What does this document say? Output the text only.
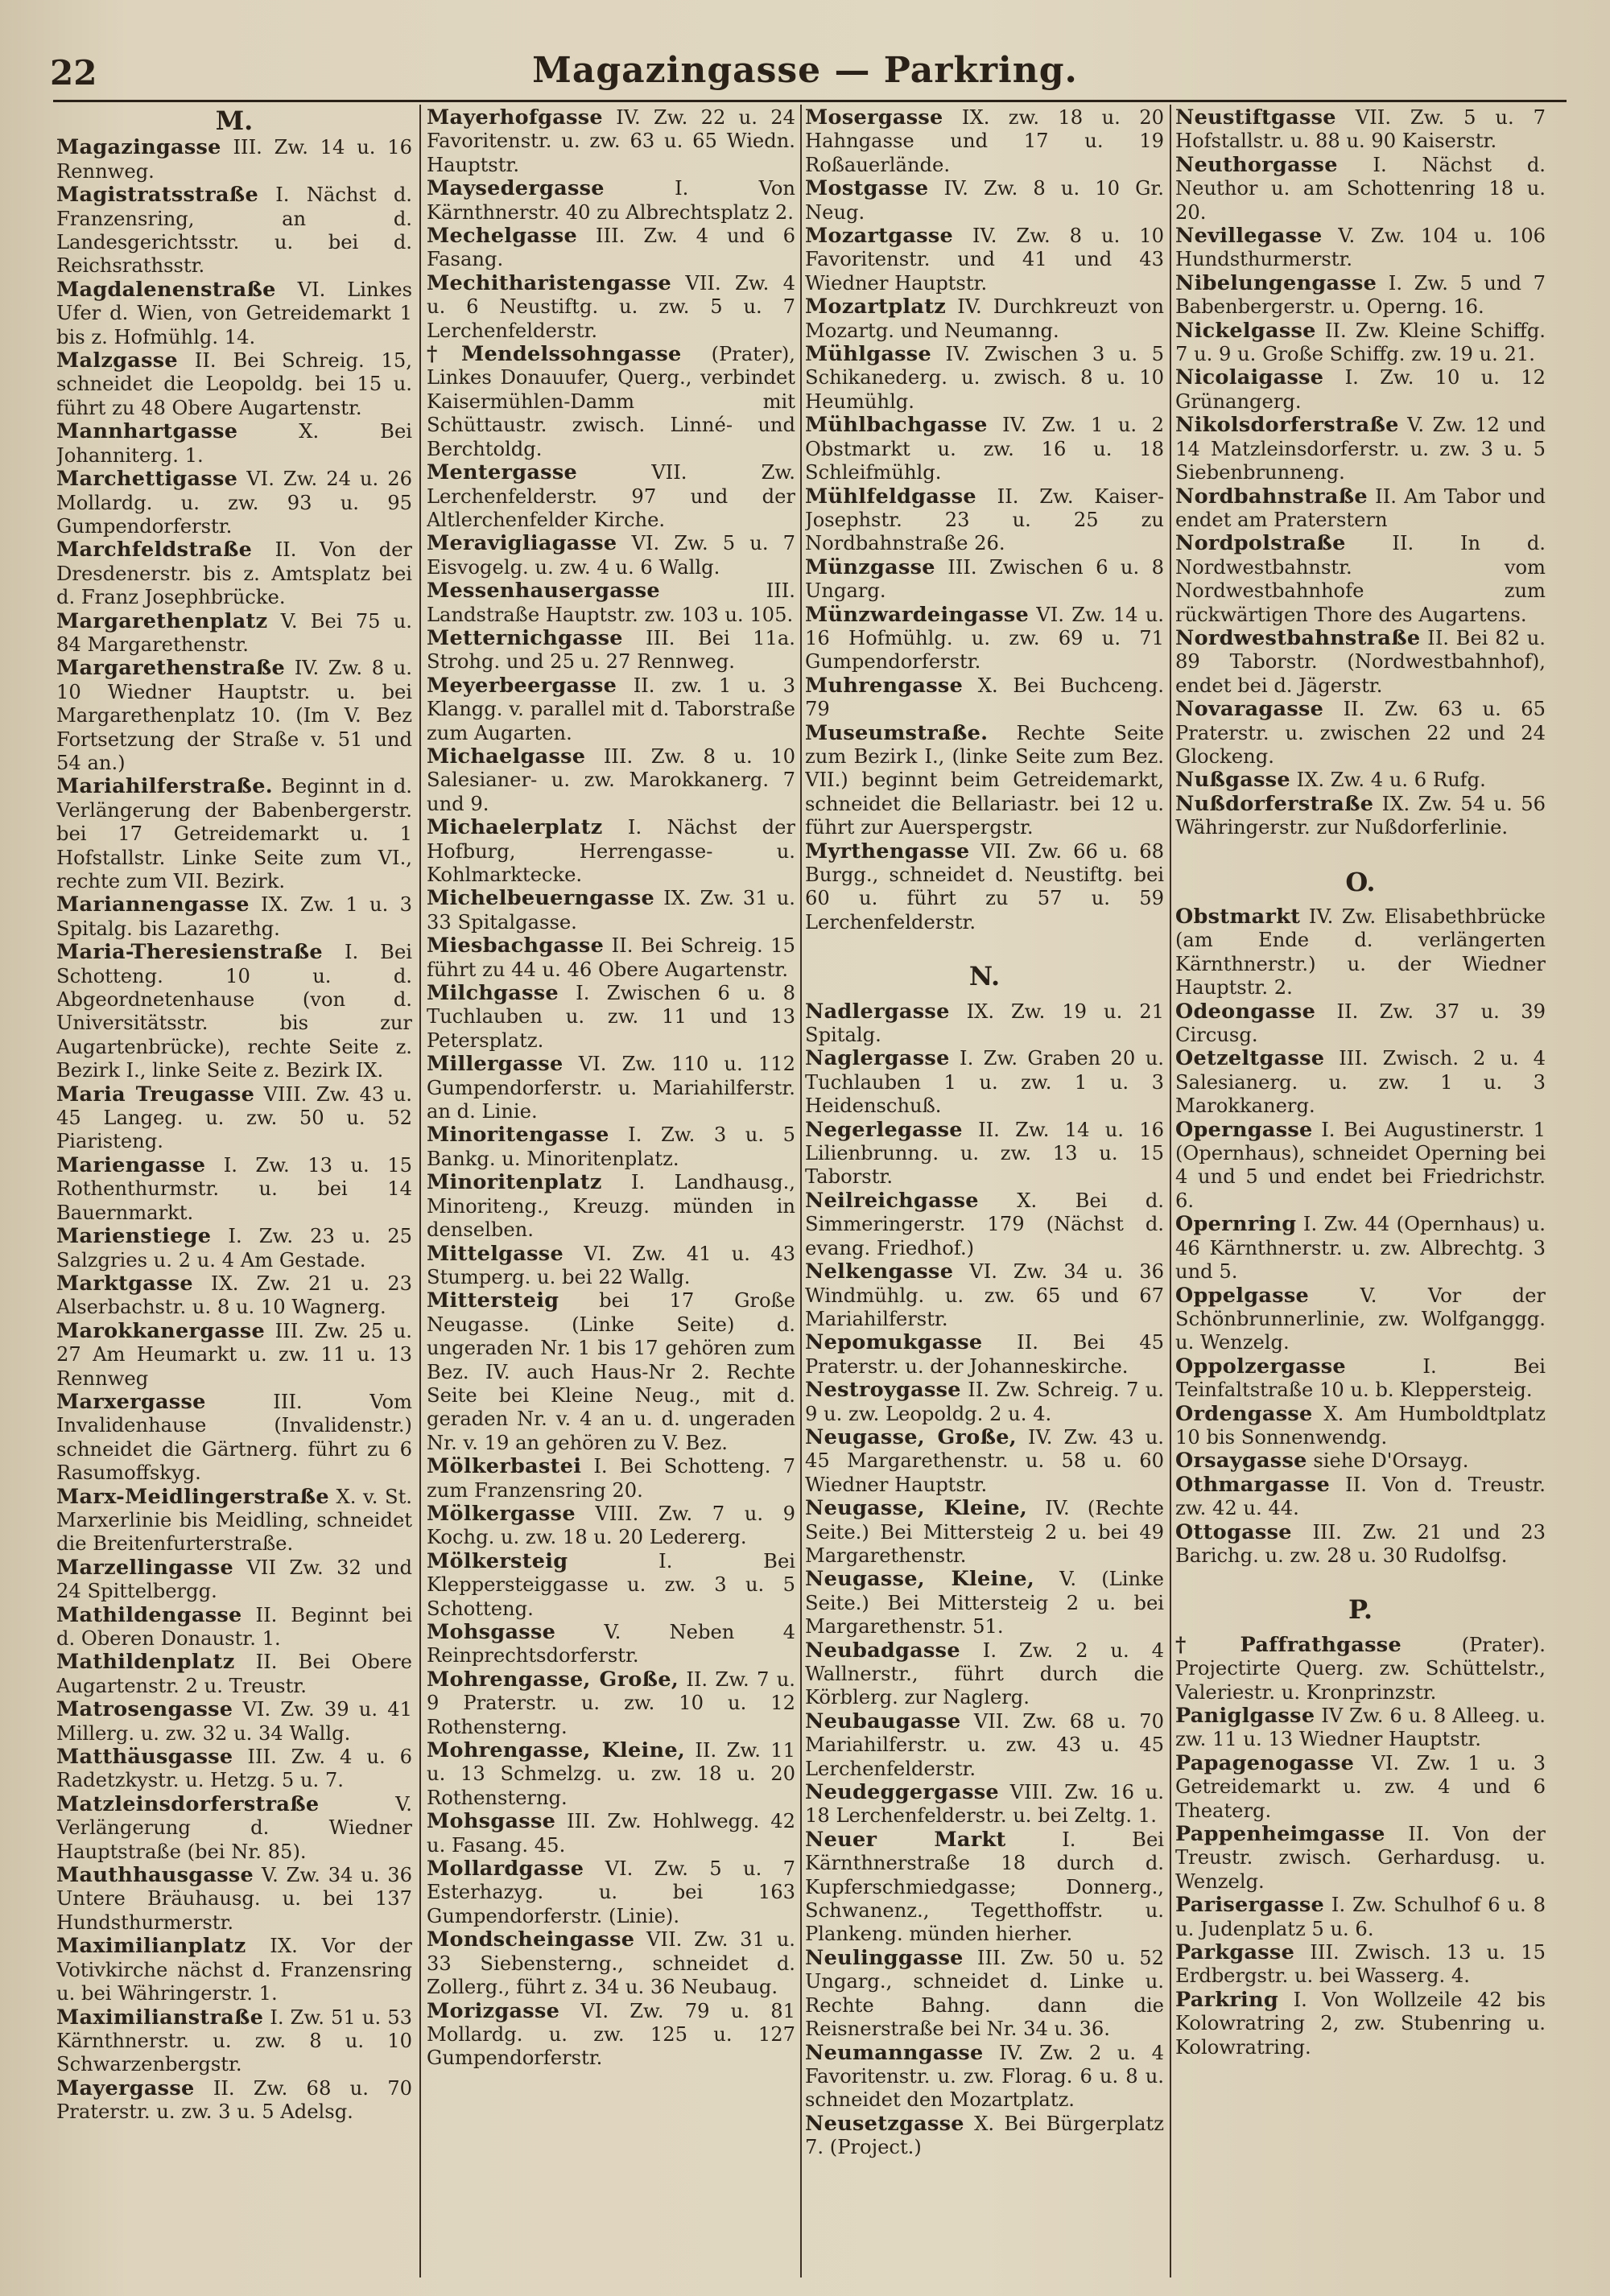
22	Magazingasse — Parkring.
M.

Magazingasse III. Zw. 14 u. 16 Rennweg.

Magistratsstraße I. Nächst d. Franzensring, an d. Landesgerichtsstr. u. bei d. Reichsrathsstr.

Magdalenenstraße VI. Linkes Ufer d. Wien, von Getreidemarkt 1 bis z. Hofmühlg. 14.

Malzgasse II. Bei Schreig. 15, schneidet die Leopoldg. bei 15 u. führt zu 48 Obere Augartenstr.

Mannhartgasse X. Bei Johanniterg. 1.

Marchettigasse VI. Zw. 24 u. 26 Mollardg. u. zw. 93 u. 95 Gumpendorferstr.

Marchfeldstraße II. Von der Dresdenerstr. bis z. Amtsplatz bei d. Franz Josephbrücke.

Margarethenplatz V. Bei 75 u. 84 Margarethenstr.

Margarethenstraße IV. Zw. 8 u. 10 Wiedner Hauptstr. u. bei Margarethenplatz 10. (Im V. Bez Fortsetzung der Straße v. 51 und 54 an.)

Mariahilferstraße. Beginnt in d. Verlängerung der Babenbergerstr. bei 17 Getreidemarkt u. 1 Hofstallstr. Linke Seite zum VI., rechte zum VII. Bezirk.

Mariannengasse IX. Zw. 1 u. 3 Spitalg. bis Lazarethg.

Maria-Theresienstraße I. Bei Schotteng. 10 u. d. Abgeordnetenhause (von d. Universitätsstr. bis zur Augartenbrücke), rechte Seite z. Bezirk I., linke Seite z. Bezirk IX.

Maria Treugasse VIII. Zw. 43 u. 45 Langeg. u. zw. 50 u. 52 Piaristeng.

Mariengasse I. Zw. 13 u. 15 Rothenthurmstr. u. bei 14 Bauernmarkt.

Marienstiege I. Zw. 23 u. 25 Salzgries u. 2 u. 4 Am Gestade.

Marktgasse IX. Zw. 21 u. 23 Alserbachstr. u. 8 u. 10 Wagnerg.

Marokkanergasse III. Zw. 25 u. 27 Am Heumarkt u. zw. 11 u. 13 Rennweg

Marxergasse III. Vom Invalidenhause (Invalidenstr.) schneidet die Gärtnerg. führt zu 6 Rasumoffskyg.

Marx-Meidlingerstraße X. v. St. Marxerlinie bis Meidling, schneidet die Breitenfurterstraße.

Marzellingasse VII Zw. 32 und 24 Spittelbergg.

Mathildengasse II. Beginnt bei d. Oberen Donaustr. 1.

Mathildenplatz II. Bei Obere Augartenstr. 2 u. Treustr.

Matrosengasse VI. Zw. 39 u. 41 Millerg. u. zw. 32 u. 34 Wallg.

Matthäusgasse III. Zw. 4 u. 6 Radetzkystr. u. Hetzg. 5 u. 7.

Matzleinsdorferstraße V. Verlängerung d. Wiedner Hauptstraße (bei Nr. 85).

Mauthhausgasse V. Zw. 34 u. 36 Untere Bräuhausg. u. bei 137 Hundsthurmerstr.

Maximilianplatz IX. Vor der Votivkirche nächst d. Franzensring u. bei Währingerstr. 1.

Maximilianstraße I. Zw. 51 u. 53 Kärnthnerstr. u. zw. 8 u. 10 Schwarzenbergstr.

Mayergasse II. Zw. 68 u. 70 Praterstr. u. zw. 3 u. 5 Adelsg.

Mayerhofgasse IV. Zw. 22 u. 24 Favoritenstr. u. zw. 63 u. 65 Wiedn. Hauptstr.

Maysedergasse I. Von Kärnthnerstr. 40 zu Albrechtsplatz 2.

Mechelgasse III. Zw. 4 und 6 Fasang.

Mechitharistengasse VII. Zw. 4 u. 6 Neustiftg. u. zw. 5 u. 7 Lerchenfelderstr.

†Mendelssohngasse (Prater), Linkes Donauufer, Querg., verbindet Kaisermühlen-Damm mit Schüttaustr. zwisch. Linné- und Berchtoldg.

Mentergasse VII. Zw. Lerchenfelderstr. 97 und der Altlerchenfelder Kirche.

Meravigliagasse VI. Zw. 5 u. 7 Eisvogelg. u. zw. 4 u. 6 Wallg.

Messenhausergasse III. Landstraße Hauptstr. zw. 103 u. 105.

Metternichgasse III. Bei 11a. Strohg. und 25 u. 27 Rennweg.

Meyerbeergasse II. zw. 1 u. 3 Klangg. v. parallel mit d. Taborstraße zum Augarten.

Michaelgasse III. Zw. 8 u. 10 Salesianer- u. zw. Marokkanerg. 7 und 9.

Michaelerplatz I. Nächst der Hofburg, Herrengasse- u. Kohlmarktecke.

Michelbeuerngasse IX. Zw. 31 u. 33 Spitalgasse.

Miesbachgasse II. Bei Schreig. 15 führt zu 44 u. 46 Obere Augartenstr.

Milchgasse I. Zwischen 6 u. 8 Tuchlauben u. zw. 11 und 13 Petersplatz.

Millergasse VI. Zw. 110 u. 112 Gumpendorferstr. u. Mariahilferstr. an d. Linie.

Minoritengasse I. Zw. 3 u. 5 Bankg. u. Minoritenplatz.

Minoritenplatz I. Landhausg., Minoriteng., Kreuzg. münden in denselben.

Mittelgasse VI. Zw. 41 u. 43 Stumperg. u. bei 22 Wallg.

Mittersteig bei 17 Große Neugasse. (Linke Seite) d. ungeraden Nr. 1 bis 17 gehören zum Bez. IV. auch Haus-Nr 2. Rechte Seite bei Kleine Neug., mit d. geraden Nr. v. 4 an u. d. ungeraden Nr. v. 19 an gehören zu V. Bez.

Mölkerbastei I. Bei Schotteng. 7 zum Franzensring 20.

Mölkergasse VIII. Zw. 7 u. 9 Kochg. u. zw. 18 u. 20 Ledererg.

Mölkersteig I. Bei Kleppersteiggasse u. zw. 3 u. 5 Schotteng.

Mohsgasse V. Neben 4 Reinprechtsdorferstr.

Mohrengasse, Große, II. Zw. 7 u. 9 Praterstr. u. zw. 10 u. 12 Rothensterng.

Mohrengasse, Kleine, II. Zw. 11 u. 13 Schmelzg. u. zw. 18 u. 20 Rothensterng.

Mohsgasse III. Zw. Hohlwegg. 42 u. Fasang. 45.

Mollardgasse VI. Zw. 5 u. 7 Esterhazyg. u. bei 163 Gumpendorferstr. (Linie).

Mondscheingasse VII. Zw. 31 u. 33 Siebensterng., schneidet d. Zollerg., führt z. 34 u. 36 Neubaug.

Morizgasse VI. Zw. 79 u. 81 Mollardg. u. zw. 125 u. 127 Gumpendorferstr.

Mosergasse IX. zw. 18 u. 20 Hahngasse und 17 u. 19 Roßauerlände.

Mostgasse IV. Zw. 8 u. 10 Gr. Neug.

Mozartgasse IV. Zw. 8 u. 10 Favoritenstr. und 41 und 43 Wiedner Hauptstr.

Mozartplatz IV. Durchkreuzt von Mozartg. und Neumanng.

Mühlgasse IV. Zwischen 3 u. 5 Schikanederg. u. zwisch. 8 u. 10 Heumühlg.

Mühlbachgasse IV. Zw. 1 u. 2 Obstmarkt u. zw. 16 u. 18 Schleifmühlg.

Mühlfeldgasse II. Zw. Kaiser-Josephstr. 23 u. 25 zu Nordbahnstraße 26.

Münzgasse III. Zwischen 6 u. 8 Ungarg.

Münzwardeingasse VI. Zw. 14 u. 16 Hofmühlg. u. zw. 69 u. 71 Gumpendorferstr.

Muhrengasse X. Bei Buchceng. 79

Museumstraße. Rechte Seite zum Bezirk I., (linke Seite zum Bez. VII.) beginnt beim Getreidemarkt, schneidet die Bellariastr. bei 12 u. führt zur Auerspergstr.

Myrthengasse VII. Zw. 66 u. 68 Burgg., schneidet d. Neustiftg. bei 60 u. führt zu 57 u. 59 Lerchenfelderstr.

N.

Nadlergasse IX. Zw. 19 u. 21 Spitalg.

Naglergasse I. Zw. Graben 20 u. Tuchlauben 1 u. zw. 1 u. 3 Heidenschuß.

Negerlegasse II. Zw. 14 u. 16 Lilienbrunng. u. zw. 13 u. 15 Taborstr.

Neilreichgasse X. Bei d. Simmeringerstr. 179 (Nächst d. evang. Friedhof.)

Nelkengasse VI. Zw. 34 u. 36 Windmühlg. u. zw. 65 und 67 Mariahilferstr.

Nepomukgasse II. Bei 45 Praterstr. u. der Johanneskirche.

Nestroygasse II. Zw. Schreig. 7 u. 9 u. zw. Leopoldg. 2 u. 4.

Neugasse, Große, IV. Zw. 43 u. 45 Margarethenstr. u. 58 u. 60 Wiedner Hauptstr.

Neugasse, Kleine, IV. (Rechte Seite.) Bei Mittersteig 2 u. bei 49 Margarethenstr.

Neugasse, Kleine, V. (Linke Seite.) Bei Mittersteig 2 u. bei Margarethenstr. 51.

Neubadgasse I. Zw. 2 u. 4 Wallnerstr., führt durch die Körblerg. zur Naglerg.

Neubaugasse VII. Zw. 68 u. 70 Mariahilferstr. u. zw. 43 u. 45 Lerchenfelderstr.

Neudeggergasse VIII. Zw. 16 u. 18 Lerchenfelderstr. u. bei Zeltg. 1.

Neuer Markt I. Bei Kärnthnerstraße 18 durch d. Kupferschmiedgasse; Donnerg., Schwanenz., Tegetthoffstr. u. Plankeng. münden hierher.

Neulinggasse III. Zw. 50 u. 52 Ungarg., schneidet d. Linke u. Rechte Bahng. dann die Reisnerstraße bei Nr. 34 u. 36.

Neumanngasse IV. Zw. 2 u. 4 Favoritenstr. u. zw. Florag. 6 u. 8 u. schneidet den Mozartplatz.

Neusetzgasse X. Bei Bürgerplatz 7. (Project.)

Neustiftgasse VII. Zw. 5 u. 7 Hofstallstr. u. 88 u. 90 Kaiserstr.

Neuthorgasse I. Nächst d. Neuthor u. am Schottenring 18 u. 20.

Nevillegasse V. Zw. 104 u. 106 Hundsthurmerstr.

Nibelungengasse I. Zw. 5 und 7 Babenbergerstr. u. Operng. 16.

Nickelgasse II. Zw. Kleine Schiffg. 7 u. 9 u. Große Schiffg. zw. 19 u. 21.

Nicolaigasse I. Zw. 10 u. 12 Grünangerg.

Nikolsdorferstraße V. Zw. 12 und 14 Matzleinsdorferstr. u. zw. 3 u. 5 Siebenbrunneng.

Nordbahnstraße II. Am Tabor und endet am Praterstern

Nordpolstraße II. In d. Nordwestbahnstr. vom Nordwestbahnhofe zum rückwärtigen Thore des Augartens.

Nordwestbahnstraße II. Bei 82 u. 89 Taborstr. (Nordwestbahnhof), endet bei d. Jägerstr.

Novaragasse II. Zw. 63 u. 65 Praterstr. u. zwischen 22 und 24 Glockeng.

Nußgasse IX. Zw. 4 u. 6 Rufg.

Nußdorferstraße IX. Zw. 54 u. 56 Währingerstr. zur Nußdorferlinie.

O.

Obstmarkt IV. Zw. Elisabethbrücke (am Ende d. verlängerten Kärnthnerstr.) u. der Wiedner Hauptstr. 2.

Odeongasse II. Zw. 37 u. 39 Circusg.

Oetzeltgasse III. Zwisch. 2 u. 4 Salesianerg. u. zw. 1 u. 3 Marokkanerg.

Operngasse I. Bei Augustinerstr. 1 (Opernhaus), schneidet Operning bei 4 und 5 und endet bei Friedrichstr. 6.

Opernring I. Zw. 44 (Opernhaus) u. 46 Kärnthnerstr. u. zw. Albrechtg. 3 und 5.

Oppelgasse V. Vor der Schönbrunnerlinie, zw. Wolfganggg. u. Wenzelg.

Oppolzergasse I. Bei Teinfaltstraße 10 u. b. Kleppersteig.

Ordengasse X. Am Humboldtplatz 10 bis Sonnenwendg.

Orsaygasse siehe D'Orsayg.

Othmargasse II. Von d. Treustr. zw. 42 u. 44.

Ottogasse III. Zw. 21 und 23 Barichg. u. zw. 28 u. 30 Rudolfsg.

P.

†Paffrathgasse (Prater). Projectirte Querg. zw. Schüttelstr., Valeriestr. u. Kronprinzstr.

Paniglgasse IV Zw. 6 u. 8 Alleeg. u. zw. 11 u. 13 Wiedner Hauptstr.

Papagenogasse VI. Zw. 1 u. 3 Getreidemarkt u. zw. 4 und 6 Theaterg.

Pappenheimgasse II. Von der Treustr. zwisch. Gerhardusg. u. Wenzelg.

Parisergasse I. Zw. Schulhof 6 u. 8 u. Judenplatz 5 u. 6.

Parkgasse III. Zwisch. 13 u. 15 Erdbergstr. u. bei Wasserg. 4.

Parkring I. Von Wollzeile 42 bis Kolowratring 2, zw. Stubenring u. Kolowratring.
